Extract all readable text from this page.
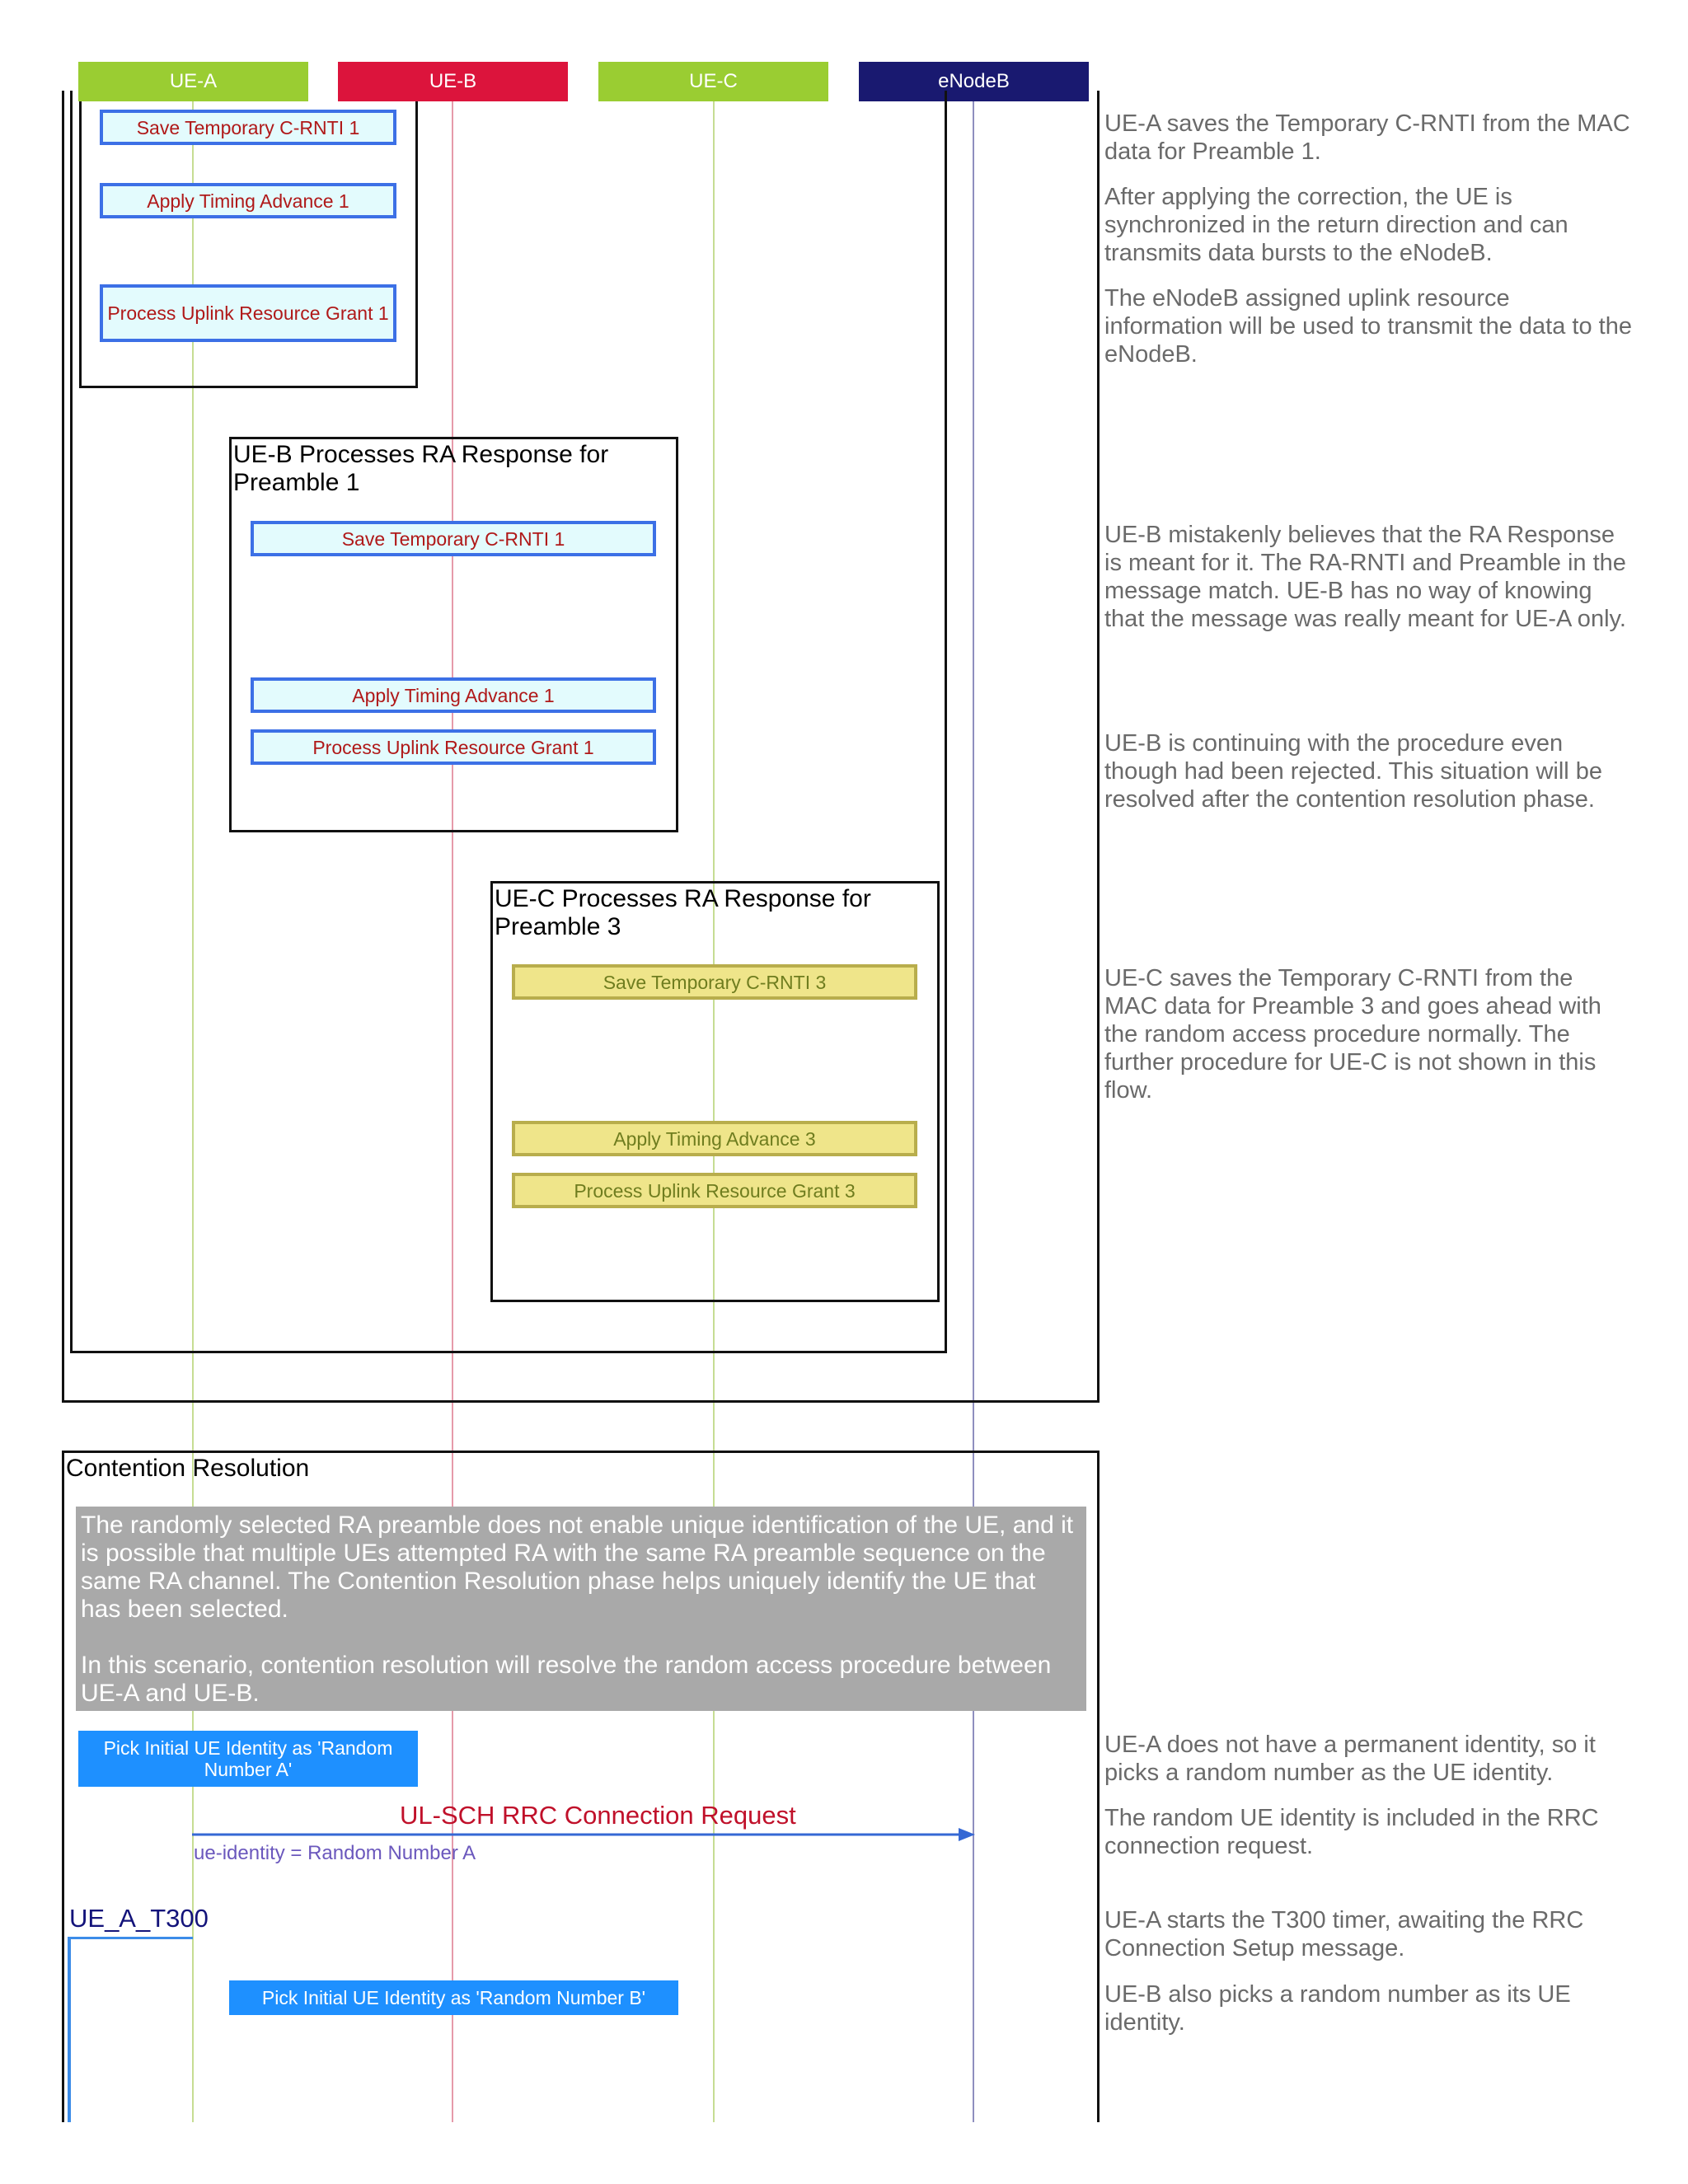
UE-A	UE-B	UE-C	eNodeB
Save Temporary C-RNTI 1
Apply Timing Advance 1
Process Uplink Resource Grant 1
UE-B Processes RA Response for
Preamble 1
Save Temporary C-RNTI 1
Apply Timing Advance 1
Process Uplink Resource Grant 1
UE-C Processes RA Response for
Preamble 3
Save Temporary C-RNTI 3
Apply Timing Advance 3
Process Uplink Resource Grant 3
Contention Resolution
The randomly selected RA preamble does not enable unique identification of the UE, and it is possible that multiple UEs attempted RA with the same RA preamble sequence on the same RA channel. The Contention Resolution phase helps uniquely identify the UE that has been selected.
In this scenario, contention resolution will resolve the random access procedure between UE-A and UE-B.
Pick Initial UE Identity as 'Random Number A'
UL-SCH RRC Connection Request
ue-identity = Random Number A
UE_A_T300
Pick Initial UE Identity as 'Random Number B'
UE-A saves the Temporary C-RNTI from the MAC data for Preamble 1.
After applying the correction, the UE is synchronized in the return direction and can transmits data bursts to the eNodeB.
The eNodeB assigned uplink resource information will be used to transmit the data to the eNodeB.
UE-B mistakenly believes that the RA Response is meant for it. The RA-RNTI and Preamble in the message match. UE-B has no way of knowing that the message was really meant for UE-A only.
UE-B is continuing with the procedure even though had been rejected. This situation will be resolved after the contention resolution phase.
UE-C saves the Temporary C-RNTI from the MAC data for Preamble 3 and goes ahead with the random access procedure normally. The further procedure for UE-C is not shown in this flow.
UE-A does not have a permanent identity, so it picks a random number as the UE identity.
The random UE identity is included in the RRC connection request.
UE-A starts the T300 timer, awaiting the RRC Connection Setup message.
UE-B also picks a random number as its UE identity.
